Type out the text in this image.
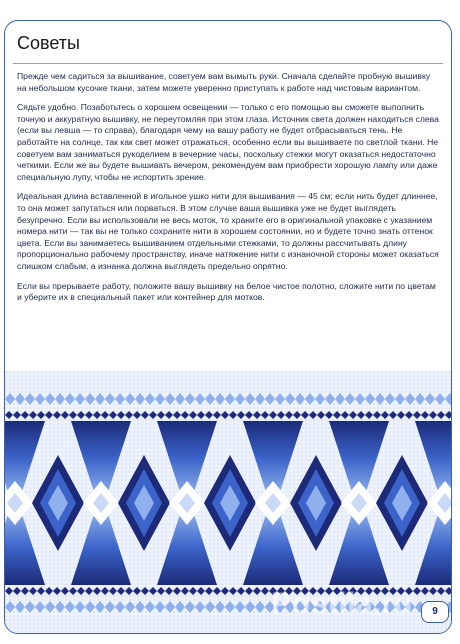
Советы

Прежде чем садиться за вышивание, советуем вам вымыть руки. Сначала сделайте пробную вышивку на небольшом кусочке ткани, затем можете уверенно приступать к работе над чистовым вариантом.

Сядьте удобно. Позаботьтесь о хорошем освещении — только с его помощью вы сможете выполнить точную и аккуратную вышивку, не переутомляя при этом глаза. Источник света должен находиться слева (если вы левша — то справа), благодаря чему на вашу работу не будет отбрасываться тень. Не работайте на солнце, так как свет может отражаться, особенно если вы вышиваете по светлой ткани. Не советуем вам заниматься рукоделием в вечерние часы, поскольку стежки могут оказаться недостаточно четкими. Если же вы будете вышивать вечером, рекомендуем вам приобрести хорошую лампу или даже специальную лупу, чтобы не испортить зрение.

Идеальная длина вставленной в игольное ушко нити для вышивания — 45 см; если нить будет длиннее, то она может запутаться или порваться. В этом случае ваша вышивка уже не будет выглядеть безупречно. Если вы использовали не весь моток, то храните его в оригинальной упаковке с указанием номера нити — так вы не только сохраните нити в хорошем состоянии, но и будете точно знать оттенок цвета. Если вы занимаетесь вышиванием отдельными стежками, то должны рассчитывать длину пропорционально рабочему пространству, иначе натяжение нити с изнаночной стороны может оказаться слишком слабым, а изнанка должна выглядеть предельно опрятно.

Если вы прерываете работу, положите вашу вышивку на белое чистое полотно, сложите нити по цветам и уберите их в специальный пакет или контейнер для мотков.

Postila.ru	9
